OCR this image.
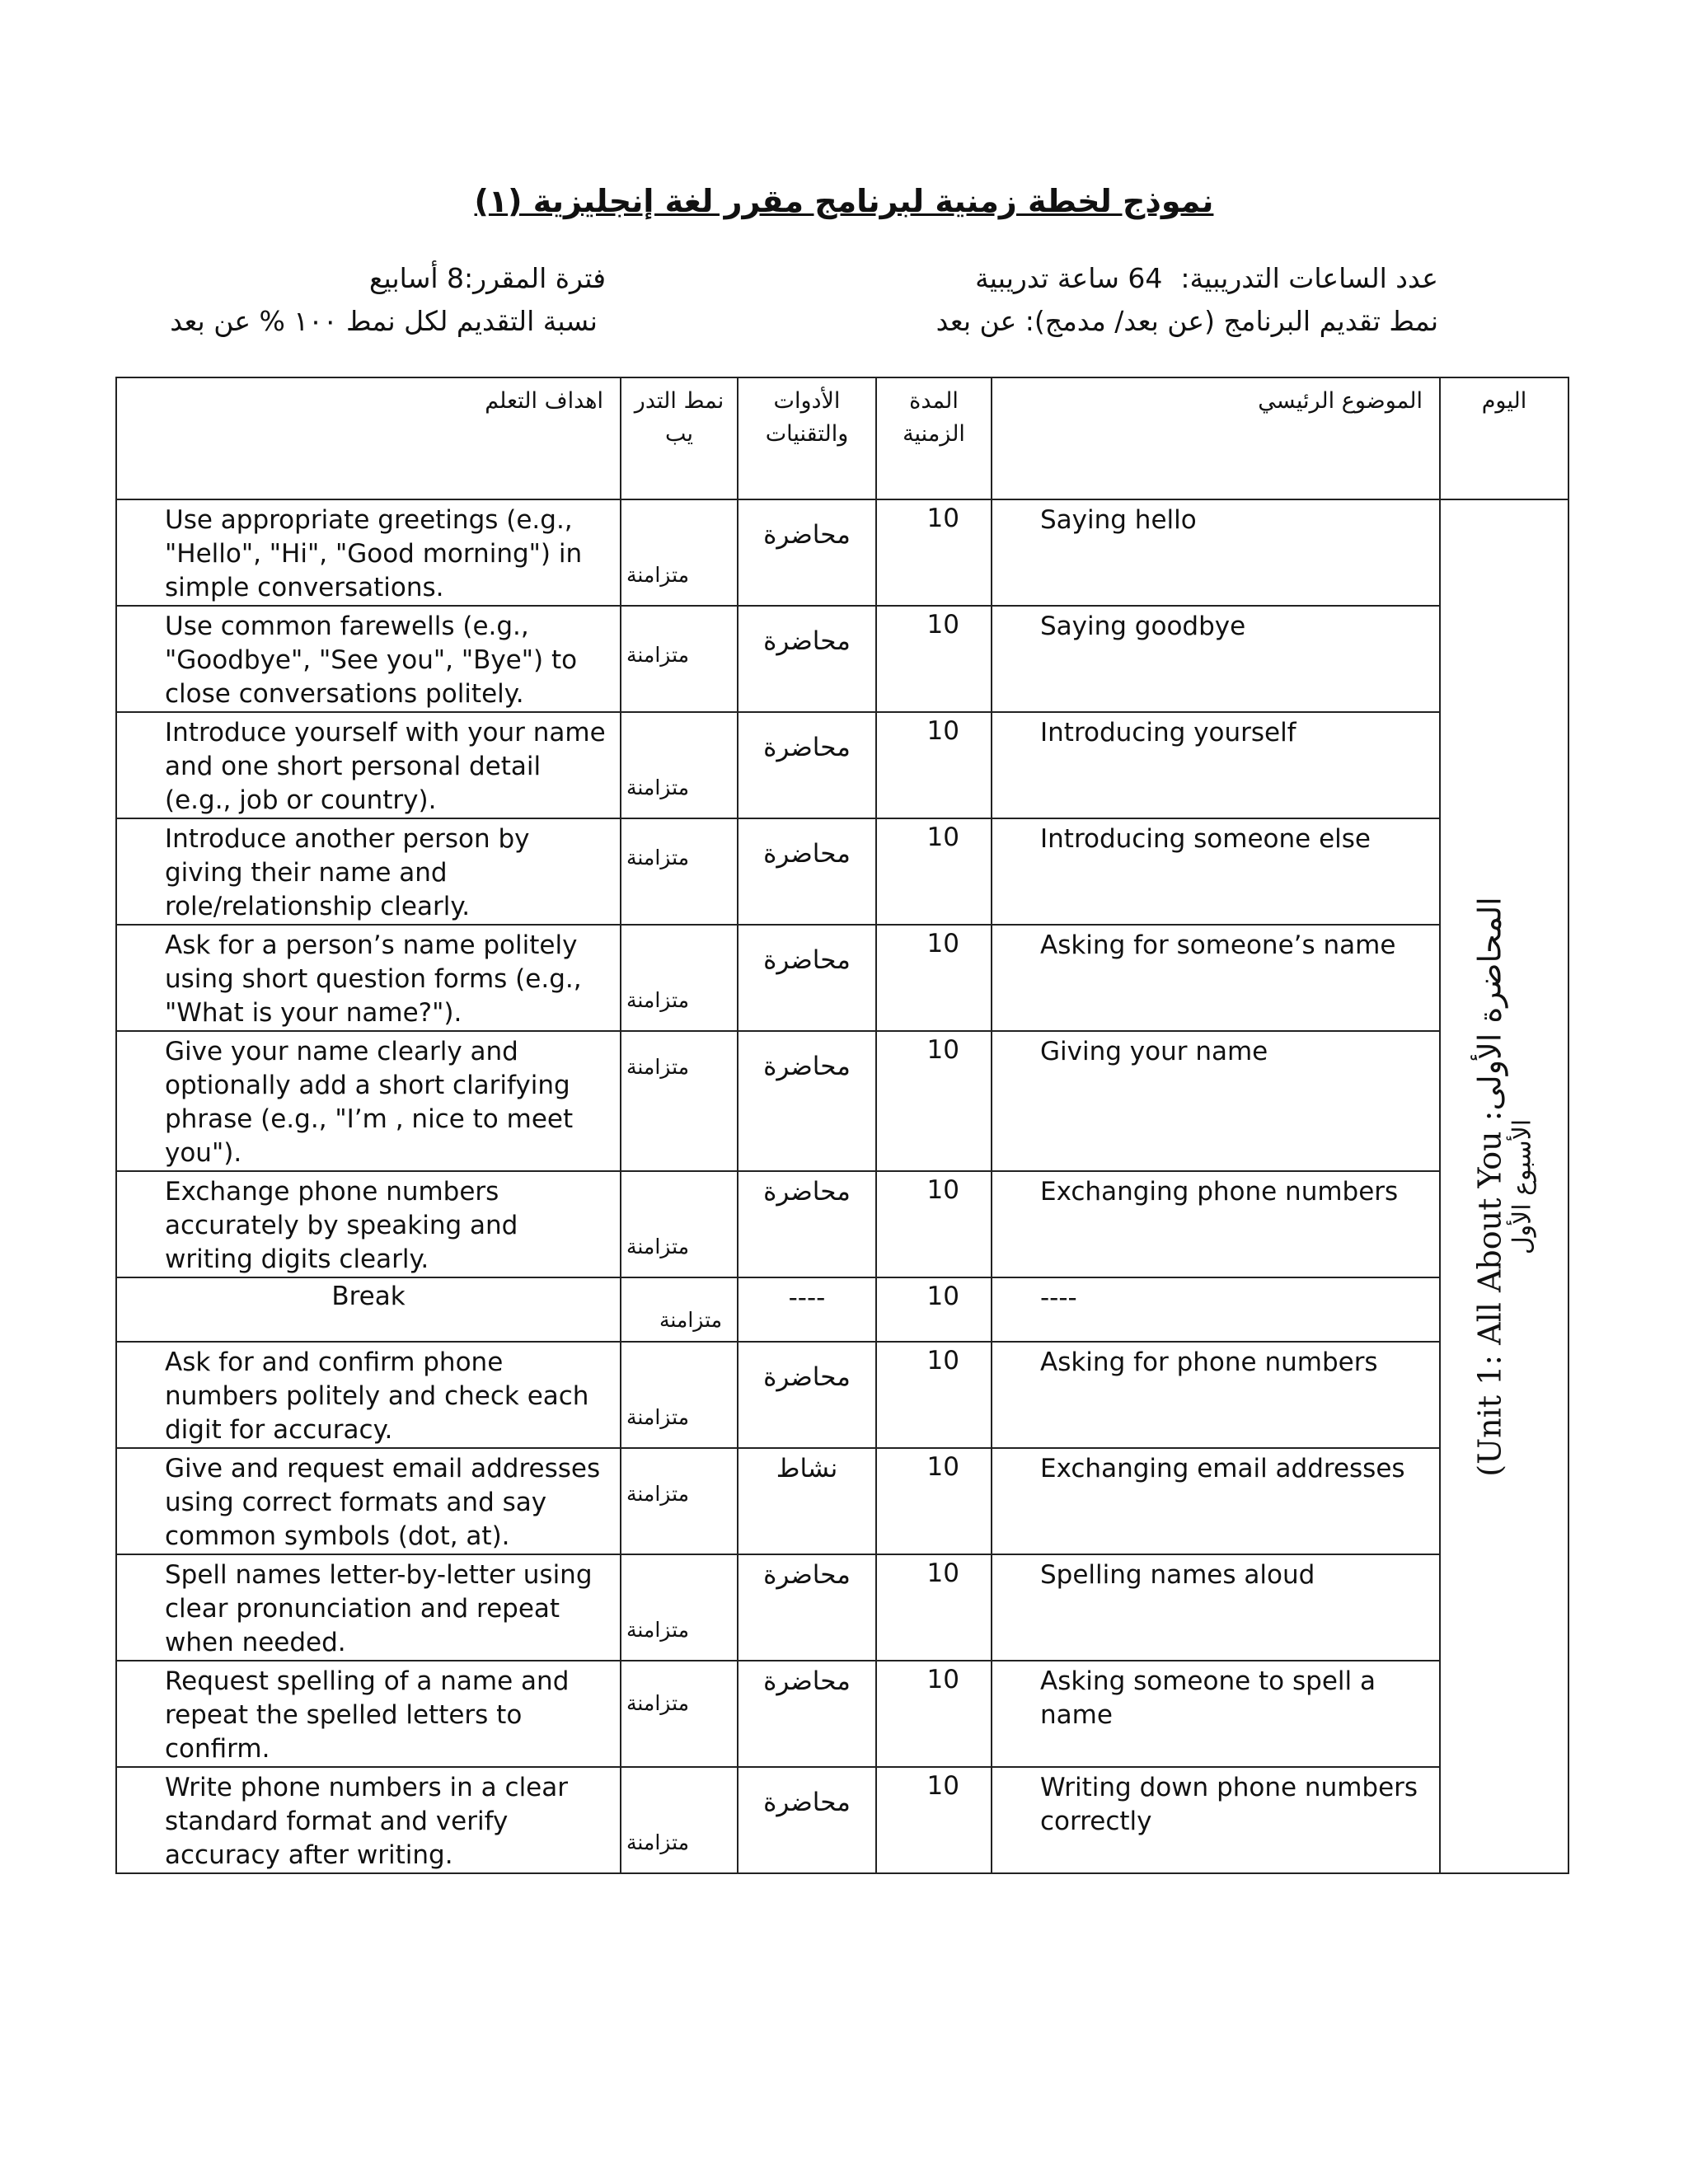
نموذج لخطة زمنية لبرنامج مقرر لغة إنجليزية (١)
عدد الساعات التدريبية:64 ساعة تدريبية
فترة المقرر:8 أسابيع
نمط تقديم البرنامج (عن بعد/ مدمج): عن بعد
نسبة التقديم لكل نمط ١٠٠ % عن بعد
اهداف التعلم	نمط التدر يب	الأدوات والتقنيات	المدة الزمنية	الموضوع الرئيسي	اليوم
Use appropriate greetings (e.g., "Hello", "Hi", "Good morning") in simple conversations.	متزامنة	محاضرة	10	Saying hello	(Unit 1: All About You :المحاضرة الأولى
الأسبوع الأول

Use common farewells (e.g., "Goodbye", "See you", "Bye") to close conversations politely.	متزامنة	محاضرة	10	Saying goodbye	
Introduce yourself with your name and one short personal detail (e.g., job or country).	متزامنة	محاضرة	10	Introducing yourself	
Introduce another person by giving their name and role/relationship clearly.	متزامنة	محاضرة	10	Introducing someone else	
Ask for a person’s name politely using short question forms (e.g., "What is your name?").	متزامنة	محاضرة	10	Asking for someone’s name	
Give your name clearly and optionally add a short clarifying phrase (e.g., "I’m , nice to meet you").	متزامنة	محاضرة	10	Giving your name	
Exchange phone numbers accurately by speaking and writing digits clearly.	متزامنة	محاضرة	10	Exchanging phone numbers	
Break	متزامنة	----	10	----	
Ask for and confirm phone numbers politely and check each digit for accuracy.	متزامنة	محاضرة	10	Asking for phone numbers	
Give and request email addresses using correct formats and say common symbols (dot, at).	متزامنة	نشاط	10	Exchanging email addresses	
Spell names letter-by-letter using clear pronunciation and repeat when needed.	متزامنة	محاضرة	10	Spelling names aloud	
Request spelling of a name and repeat the spelled letters to confirm.	متزامنة	محاضرة	10	Asking someone to spell a name	
Write phone numbers in a clear standard format and verify accuracy after writing.	متزامنة	محاضرة	10	Writing down phone numbers correctly	
